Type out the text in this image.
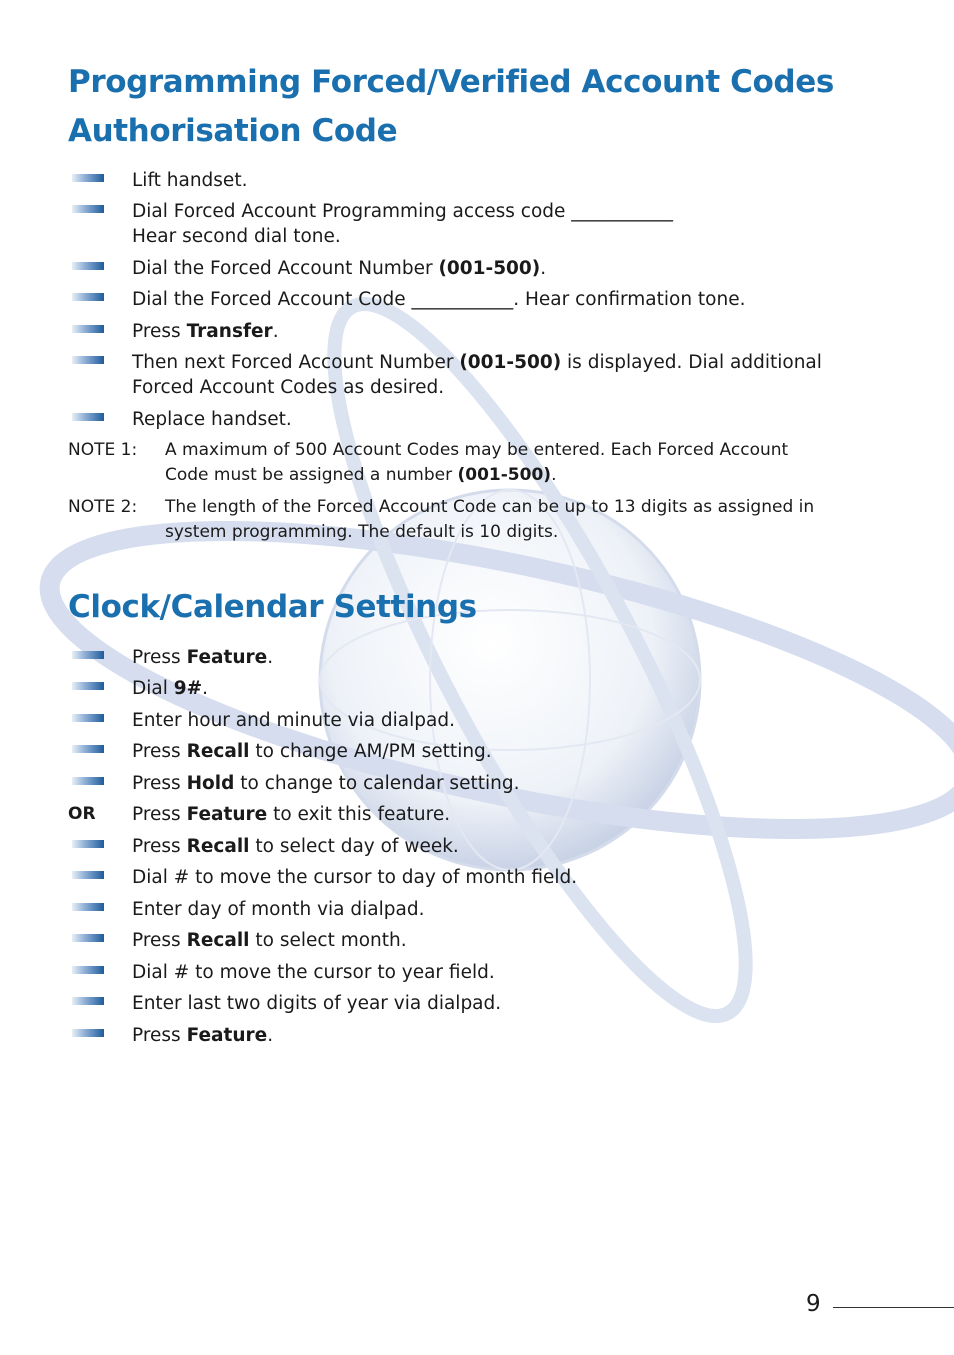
Programming Forced/Verified Account Codes Authorisation Code
Lift handset.
Dial Forced Account Programming access code ___________
Hear second dial tone.
Dial the Forced Account Number (001-500).
Dial the Forced Account Code ___________. Hear confirmation tone.
Press Transfer.
Then next Forced Account Number (001-500) is displayed. Dial additional
Forced Account Codes as desired.
Replace handset.
NOTE 1: A maximum of 500 Account Codes may be entered. Each Forced Account
Code must be assigned a number (001-500).
NOTE 2: The length of the Forced Account Code can be up to 13 digits as assigned in
system programming. The default is 10 digits.
Clock/Calendar Settings
Press Feature.
Dial 9#.
Enter hour and minute via dialpad.
Press Recall to change AM/PM setting.
Press Hold to change to calendar setting.
OR Press Feature to exit this feature.
Press Recall to select day of week.
Dial # to move the cursor to day of month field.
Enter day of month via dialpad.
Press Recall to select month.
Dial # to move the cursor to year field.
Enter last two digits of year via dialpad.
Press Feature.
9
